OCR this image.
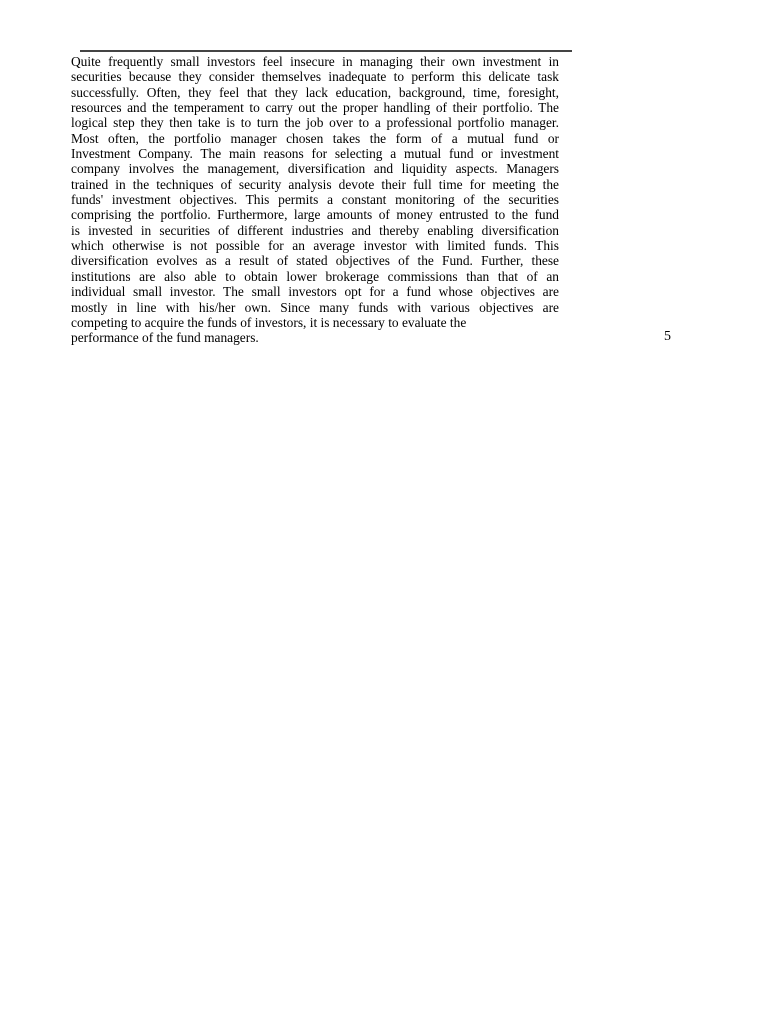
Quite frequently small investors feel insecure in managing their own investment in
securities because they consider themselves inadequate to perform this delicate task
successfully. Often, they feel that they lack education, background, time, foresight,
resources and the temperament to carry out the proper handling of their portfolio. The
logical step they then take is to turn the job over to a professional portfolio manager.
Most often, the portfolio manager chosen takes the form of a mutual fund or
Investment Company. The main reasons for selecting a mutual fund or investment
company involves the management, diversification and liquidity aspects. Managers
trained in the techniques of security analysis devote their full time for meeting the
funds' investment objectives. This permits a constant monitoring of the securities
comprising the portfolio. Furthermore, large amounts of money entrusted to the fund
is invested in securities of different industries and thereby enabling diversification
which otherwise is not possible for an average investor with limited funds. This
diversification evolves as a result of stated objectives of the Fund. Further, these
institutions are also able to obtain lower brokerage commissions than that of an
individual small investor. The small investors opt for a fund whose objectives are
mostly in line with his/her own. Since many funds with various objectives are
competing to acquire the funds of investors, it is necessary to evaluate the
performance of the fund managers.	5
